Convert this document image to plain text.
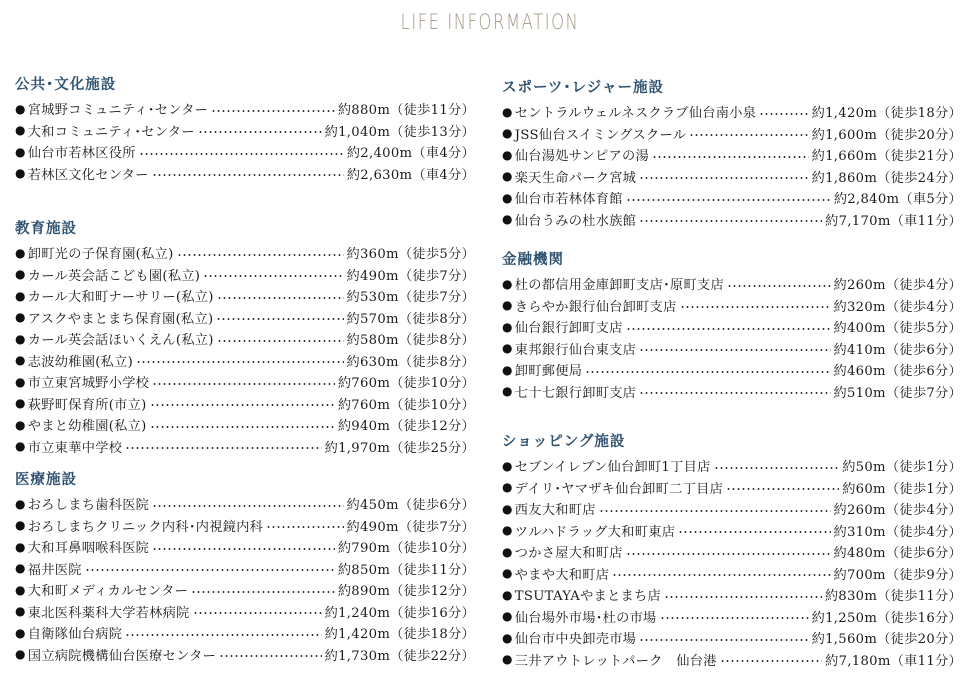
LIFE INFORMATION
公共･文化施設
● 宮城野コミュニティ･センター	約880m（徒歩11分）
● 大和コミュニティ･センター	約1,040m（徒歩13分）
● 仙台市若林区役所	約2,400m（車4分）
● 若林区文化センター	約2,630m（車4分）
教育施設
● 卸町光の子保育園(私立)	約360m（徒歩5分）
● カール英会話こども園(私立)	約490m（徒歩7分）
● カール大和町ナーサリー(私立)	約530m（徒歩7分）
● アスクやまとまち保育園(私立)	約570m（徒歩8分）
● カール英会話ほいくえん(私立)	約580m（徒歩8分）
● 志波幼稚園(私立)	約630m（徒歩8分）
● 市立東宮城野小学校	約760m（徒歩10分）
● 萩野町保育所(市立)	約760m（徒歩10分）
● やまと幼稚園(私立)	約940m（徒歩12分）
● 市立東華中学校	約1,970m（徒歩25分）
医療施設
● おろしまち歯科医院	約450m（徒歩6分）
● おろしまちクリニック内科･内視鏡内科	約490m（徒歩7分）
● 大和耳鼻咽喉科医院	約790m（徒歩10分）
● 福井医院	約850m（徒歩11分）
● 大和町メディカルセンター	約890m（徒歩12分）
● 東北医科薬科大学若林病院	約1,240m（徒歩16分）
● 自衛隊仙台病院	約1,420m（徒歩18分）
● 国立病院機構仙台医療センター	約1,730m（徒歩22分）
スポーツ･レジャー施設
● セントラルウェルネスクラブ仙台南小泉	約1,420m（徒歩18分）
● JSS仙台スイミングスクール	約1,600m（徒歩20分）
● 仙台湯処サンピアの湯	約1,660m（徒歩21分）
● 楽天生命パーク宮城	約1,860m（徒歩24分）
● 仙台市若林体育館	約2,840m（車5分）
● 仙台うみの杜水族館	約7,170m（車11分）
金融機関
● 杜の都信用金庫卸町支店･原町支店	約260m（徒歩4分）
● きらやか銀行仙台卸町支店	約320m（徒歩4分）
● 仙台銀行卸町支店	約400m（徒歩5分）
● 東邦銀行仙台東支店	約410m（徒歩6分）
● 卸町郵便局	約460m（徒歩6分）
● 七十七銀行卸町支店	約510m（徒歩7分）
ショッピング施設
● セブンイレブン仙台卸町1丁目店	約50m（徒歩1分）
● デイリ･ヤマザキ仙台卸町二丁目店	約60m（徒歩1分）
● 西友大和町店	約260m（徒歩4分）
● ツルハドラッグ大和町東店	約310m（徒歩4分）
● つかさ屋大和町店	約480m（徒歩6分）
● やまや大和町店	約700m（徒歩9分）
● TSUTAYAやまとまち店	約830m（徒歩11分）
● 仙台場外市場･杜の市場	約1,250m（徒歩16分）
● 仙台市中央卸売市場	約1,560m（徒歩20分）
● 三井アウトレットパーク　仙台港	約7,180m（車11分）
